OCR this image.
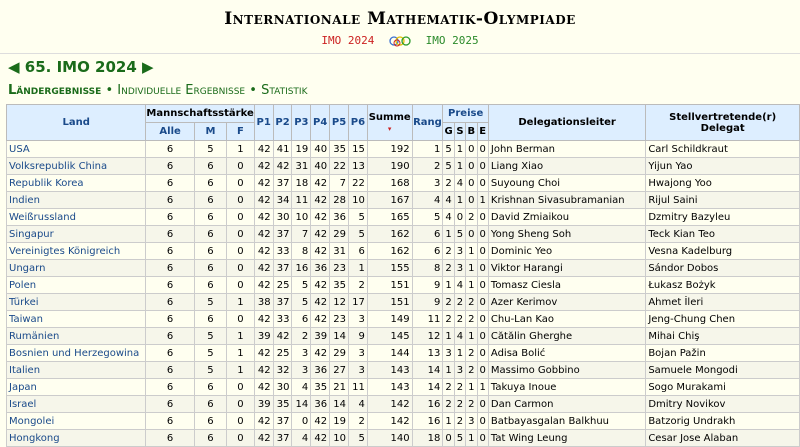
Internationale Mathematik-Olympiade
IMO 2024	IMO 2025
◀ 65. IMO 2024 ▶
Ländergebnisse • Individuelle Ergebnisse • Statistik
Land	Mannschaftsstärke			P1	P2	P3	P4	P5	P6	Summe
▾	Rang	Preise				Delegationsleiter	Stellvertretende(r) Delegat
	Alle	M	F									G	S	B	E		
USA	6	5	1	42	41	19	40	35	15	192	1	5	1	0	0	John Berman	Carl Schildkraut
Volksrepublik China	6	6	0	42	42	31	40	22	13	190	2	5	1	0	0	Liang Xiao	Yijun Yao
Republik Korea	6	6	0	42	37	18	42	7	22	168	3	2	4	0	0	Suyoung Choi	Hwajong Yoo
Indien	6	6	0	42	34	11	42	28	10	167	4	4	1	0	1	Krishnan Sivasubramanian	Rijul Saini
Weißrussland	6	6	0	42	30	10	42	36	5	165	5	4	0	2	0	David Zmiaikou	Dzmitry Bazyleu
Singapur	6	6	0	42	37	7	42	29	5	162	6	1	5	0	0	Yong Sheng Soh	Teck Kian Teo
Vereinigtes Königreich	6	6	0	42	33	8	42	31	6	162	6	2	3	1	0	Dominic Yeo	Vesna Kadelburg
Ungarn	6	6	0	42	37	16	36	23	1	155	8	2	3	1	0	Viktor Harangi	Sándor Dobos
Polen	6	6	0	42	25	5	42	35	2	151	9	1	4	1	0	Tomasz Ciesla	Łukasz Bożyk
Türkei	6	5	1	38	37	5	42	12	17	151	9	2	2	2	0	Azer Kerimov	Ahmet İleri
Taiwan	6	6	0	42	33	6	42	23	3	149	11	2	2	2	0	Chu-Lan Kao	Jeng-Chung Chen
Rumänien	6	5	1	39	42	2	39	14	9	145	12	1	4	1	0	Cătălin Gherghe	Mihai Chiş
Bosnien und Herzegowina	6	5	1	42	25	3	42	29	3	144	13	3	1	2	0	Adisa Bolić	Bojan Pažin
Italien	6	5	1	42	32	3	36	27	3	143	14	1	3	2	0	Massimo Gobbino	Samuele Mongodi
Japan	6	6	0	42	30	4	35	21	11	143	14	2	2	1	1	Takuya Inoue	Sogo Murakami
Israel	6	6	0	39	35	14	36	14	4	142	16	2	2	2	0	Dan Carmon	Dmitry Novikov
Mongolei	6	6	0	42	37	0	42	19	2	142	16	1	2	3	0	Batbayasgalan Balkhuu	Batzorig Undrakh
Hongkong	6	6	0	42	37	4	42	10	5	140	18	0	5	1	0	Tat Wing Leung	Cesar Jose Alaban
